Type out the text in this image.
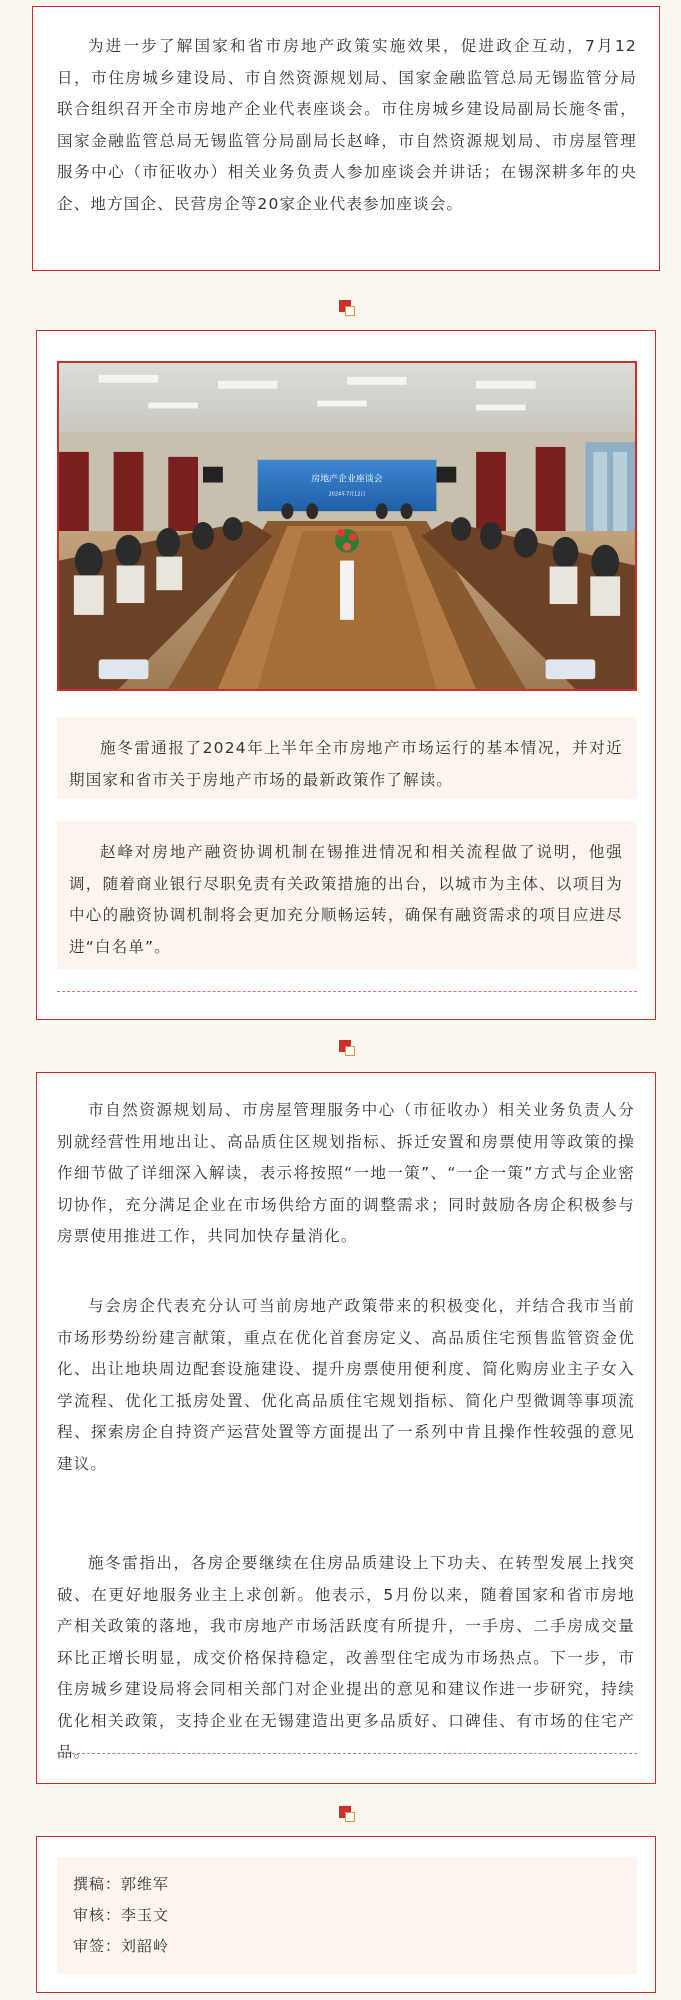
为进一步了解国家和省市房地产政策实施效果，促进政企互动，7月12日，市住房城乡建设局、市自然资源规划局、国家金融监管总局无锡监管分局联合组织召开全市房地产企业代表座谈会。市住房城乡建设局副局长施冬雷，国家金融监管总局无锡监管分局副局长赵峰，市自然资源规划局、市房屋管理服务中心（市征收办）相关业务负责人参加座谈会并讲话；在锡深耕多年的央企、地方国企、民营房企等20家企业代表参加座谈会。

房地产企业座谈会
2024年7月12日

施冬雷通报了2024年上半年全市房地产市场运行的基本情况，并对近期国家和省市关于房地产市场的最新政策作了解读。

赵峰对房地产融资协调机制在锡推进情况和相关流程做了说明，他强调，随着商业银行尽职免责有关政策措施的出台，以城市为主体、以项目为中心的融资协调机制将会更加充分顺畅运转，确保有融资需求的项目应进尽进“白名单”。

市自然资源规划局、市房屋管理服务中心（市征收办）相关业务负责人分别就经营性用地出让、高品质住区规划指标、拆迁安置和房票使用等政策的操作细节做了详细深入解读，表示将按照“一地一策”、“一企一策”方式与企业密切协作，充分满足企业在市场供给方面的调整需求；同时鼓励各房企积极参与房票使用推进工作，共同加快存量消化。

与会房企代表充分认可当前房地产政策带来的积极变化，并结合我市当前市场形势纷纷建言献策，重点在优化首套房定义、高品质住宅预售监管资金优化、出让地块周边配套设施建设、提升房票使用便利度、简化购房业主子女入学流程、优化工抵房处置、优化高品质住宅规划指标、简化户型微调等事项流程、探索房企自持资产运营处置等方面提出了一系列中肯且操作性较强的意见建议。

施冬雷指出，各房企要继续在住房品质建设上下功夫、在转型发展上找突破、在更好地服务业主上求创新。他表示，5月份以来，随着国家和省市房地产相关政策的落地，我市房地产市场活跃度有所提升，一手房、二手房成交量环比正增长明显，成交价格保持稳定，改善型住宅成为市场热点。下一步，市住房城乡建设局将会同相关部门对企业提出的意见和建议作进一步研究，持续优化相关政策，支持企业在无锡建造出更多品质好、口碑佳、有市场的住宅产品。

撰稿：郭维军
审核：李玉文
审签：刘韶岭
